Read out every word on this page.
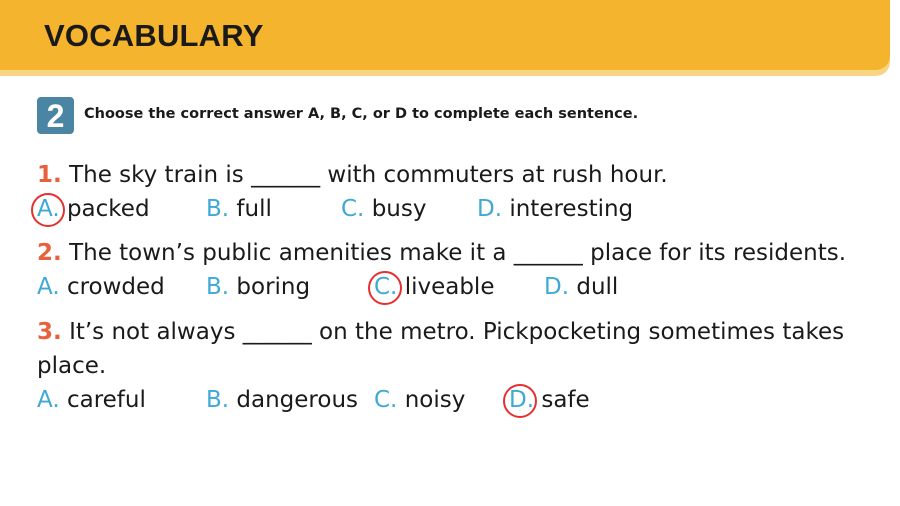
VOCABULARY
2	Choose the correct answer A, B, C, or D to complete each sentence.
1. The sky train is ______ with commuters at rush hour.
A. packed B. full	C. busy D. interesting
2. The town’s public amenities make it a ______ place for its residents.
A. crowded B. boring	C. liveable D. dull
3. It’s not always ______ on the metro. Pickpocketing sometimes takes
place.
A. careful	B. dangerous C. noisy D. safe
